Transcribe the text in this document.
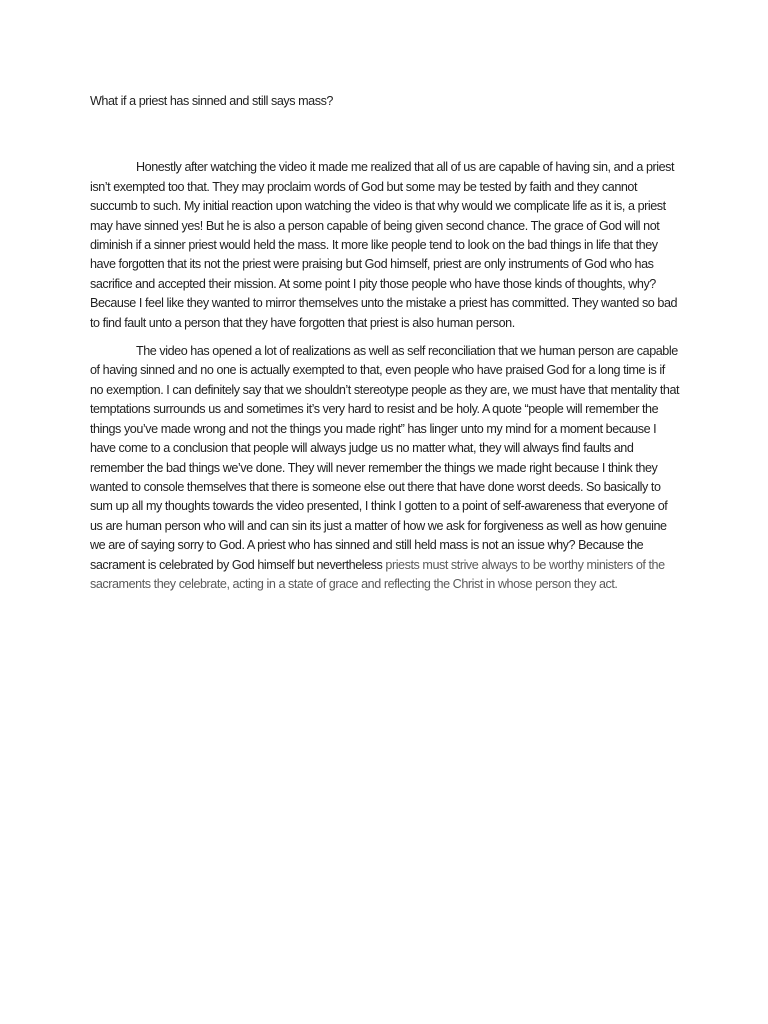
What if a priest has sinned and still says mass?

Honestly after watching the video it made me realized that all of us are capable of having sin, and a priest isn’t exempted too that. They may proclaim words of God but some may be tested by faith and they cannot succumb to such. My initial reaction upon watching the video is that why would we complicate life as it is, a priest may have sinned yes! But he is also a person capable of being given second chance. The grace of God will not diminish if a sinner priest would held the mass. It more like people tend to look on the bad things in life that they have forgotten that its not the priest were praising but God himself, priest are only instruments of God who has sacrifice and accepted their mission. At some point I pity those people who have those kinds of thoughts, why? Because I feel like they wanted to mirror themselves unto the mistake a priest has committed. They wanted so bad to find fault unto a person that they have forgotten that priest is also human person.

The video has opened a lot of realizations as well as self reconciliation that we human person are capable of having sinned and no one is actually exempted to that, even people who have praised God for a long time is if no exemption. I can definitely say that we shouldn’t stereotype people as they are, we must have that mentality that temptations surrounds us and sometimes it’s very hard to resist and be holy. A quote “people will remember the things you’ve made wrong and not the things you made right” has linger unto my mind for a moment because I have come to a conclusion that people will always judge us no matter what, they will always find faults and remember the bad things we’ve done. They will never remember the things we made right because I think they wanted to console themselves that there is someone else out there that have done worst deeds. So basically to sum up all my thoughts towards the video presented, I think I gotten to a point of self-awareness that everyone of us are human person who will and can sin its just a matter of how we ask for forgiveness as well as how genuine we are of saying sorry to God. A priest who has sinned and still held mass is not an issue why? Because the sacrament is celebrated by God himself but nevertheless priests must strive always to be worthy ministers of the sacraments they celebrate, acting in a state of grace and reflecting the Christ in whose person they act.
